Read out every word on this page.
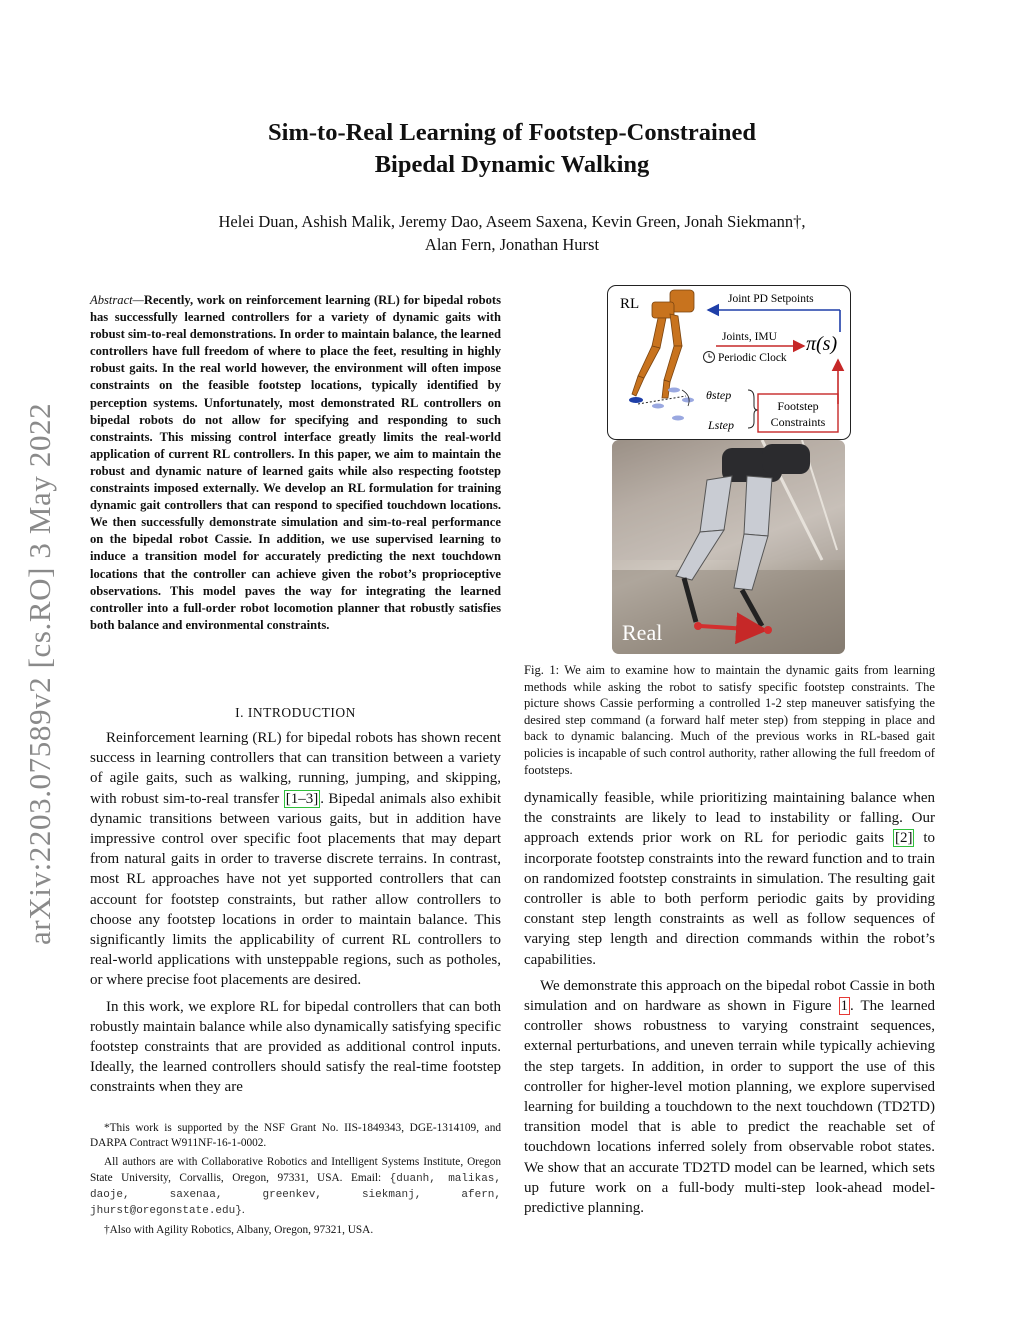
arXiv:2203.07589v2 [cs.RO] 3 May 2022
Sim-to-Real Learning of Footstep-Constrained
Bipedal Dynamic Walking
Helei Duan, Ashish Malik, Jeremy Dao, Aseem Saxena, Kevin Green, Jonah Siekmann†,
Alan Fern, Jonathan Hurst
Abstract—Recently, work on reinforcement learning (RL) for bipedal robots has successfully learned controllers for a variety of dynamic gaits with robust sim-to-real demonstrations. In order to maintain balance, the learned controllers have full freedom of where to place the feet, resulting in highly robust gaits. In the real world however, the environment will often impose constraints on the feasible footstep locations, typically identified by perception systems. Unfortunately, most demonstrated RL controllers on bipedal robots do not allow for specifying and responding to such constraints. This missing control interface greatly limits the real-world application of current RL controllers. In this paper, we aim to maintain the robust and dynamic nature of learned gaits while also respecting footstep constraints imposed externally. We develop an RL formulation for training dynamic gait controllers that can respond to specified touchdown locations. We then successfully demonstrate simulation and sim-to-real performance on the bipedal robot Cassie. In addition, we use supervised learning to induce a transition model for accurately predicting the next touchdown locations that the controller can achieve given the robot’s proprioceptive observations. This model paves the way for integrating the learned controller into a full-order robot locomotion planner that robustly satisfies both balance and environmental constraints.
I. INTRODUCTION

Reinforcement learning (RL) for bipedal robots has shown recent success in learning controllers that can transition between a variety of agile gaits, such as walking, running, jumping, and skipping, with robust sim-to-real transfer [1–3] . Bipedal animals also exhibit dynamic transitions between various gaits, but in addition have impressive control over specific foot placements that may depart from natural gaits in order to traverse discrete terrains. In contrast, most RL approaches have not yet supported controllers that can account for footstep constraints, but rather allow controllers to choose any footstep locations in order to maintain balance. This significantly limits the applicability of current RL controllers to real-world applications with unsteppable regions, such as potholes, or where precise foot placements are desired.

In this work, we explore RL for bipedal controllers that can both robustly maintain balance while also dynamically satisfying specific footstep constraints that are provided as additional control inputs. Ideally, the learned controllers should satisfy the real-time footstep constraints when they are

*This work is supported by the NSF Grant No. IIS-1849343, DGE-1314109, and DARPA Contract W911NF-16-1-0002.

All authors are with Collaborative Robotics and Intelligent Systems Institute, Oregon State University, Corvallis, Oregon, 97331, USA. Email: {duanh, malikas, daoje, saxenaa, greenkev, siekmanj, afern, jhurst@oregonstate.edu}.

†Also with Agility Robotics, Albany, Oregon, 97321, USA.

RL	Joint PD Setpoints
Joints, IMU
Periodic Clock
π(s)
θstep
Lstep
Footstep
Constraints
Real
Fig. 1: We aim to examine how to maintain the dynamic gaits from learning methods while asking the robot to satisfy specific footstep constraints. The picture shows Cassie performing a controlled 1-2 step maneuver satisfying the desired step command (a forward half meter step) from stepping in place and back to dynamic balancing. Much of the previous works in RL-based gait policies is incapable of such control authority, rather allowing the full freedom of footsteps.

dynamically feasible, while prioritizing maintaining balance when the constraints are likely to lead to instability or falling. Our approach extends prior work on RL for periodic gaits [2] to incorporate footstep constraints into the reward function and to train on randomized footstep constraints in simulation. The resulting gait controller is able to both perform periodic gaits by providing constant step length constraints as well as follow sequences of varying step length and direction commands within the robot’s capabilities.

We demonstrate this approach on the bipedal robot Cassie in both simulation and on hardware as shown in Figure 1 . The learned controller shows robustness to varying constraint sequences, external perturbations, and uneven terrain while typically achieving the step targets. In addition, in order to support the use of this controller for higher-level motion planning, we explore supervised learning for building a touchdown to the next touchdown (TD2TD) transition model that is able to predict the reachable set of touchdown locations inferred solely from observable robot states. We show that an accurate TD2TD model can be learned, which sets up future work on a full-body multi-step look-ahead model-predictive planning.
